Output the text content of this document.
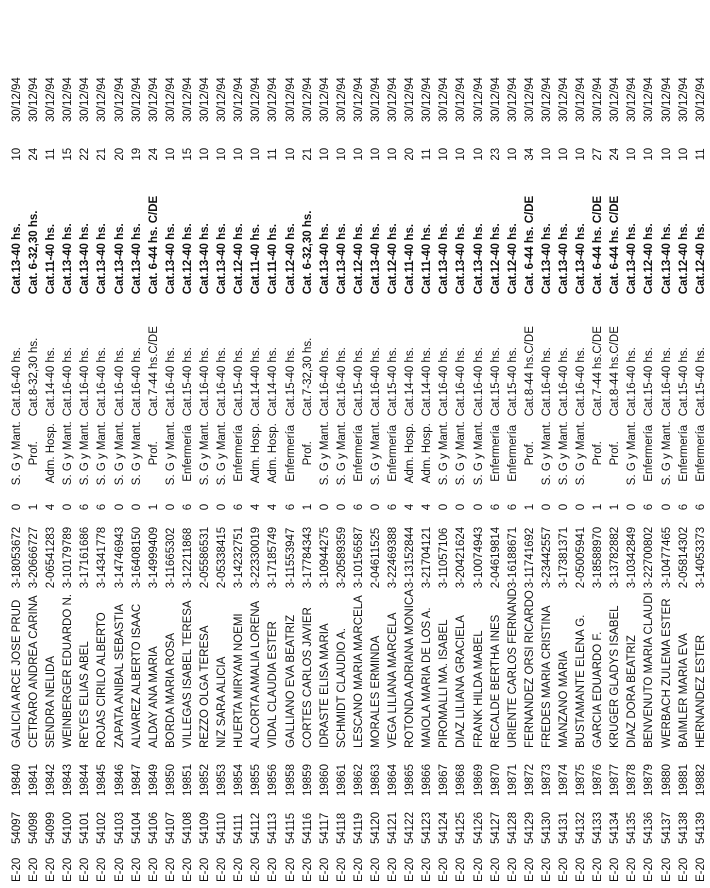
E-20	54097	19840	GALICIA ARCE JOSE PRUD	3-18053672	0	S. G y Mant.	Cat.16-40 hs.	Cat.13-40 hs.	10	30/12/94
E-20	54098	19841	CETRARO ANDREA CARINA	3-20666727	1	Prof.	Cat.8-32,30 hs.	Cat. 6-32,30 hs.	24	30/12/94
E-20	54099	19842	SENDRA NELIDA	2-06541283	4	Adm. Hosp.	Cat.14-40 hs.	Cat.11-40 hs.	11	30/12/94
E-20	54100	19843	WEINBERGER EDUARDO N.	3-10179789	0	S. G y Mant.	Cat.16-40 hs.	Cat.13-40 hs.	15	30/12/94
E-20	54101	19844	REYES ELIAS ABEL	3-17161686	6	S. G y Mant.	Cat.16-40 hs.	Cat.13-40 hs.	22	30/12/94
E-20	54102	19845	ROJAS CIRILO ALBERTO	3-14341778	6	S. G y Mant.	Cat.16-40 hs.	Cat.13-40 hs.	21	30/12/94
E-20	54103	19846	ZAPATA ANIBAL SEBASTIA	3-14746943	0	S. G y Mant.	Cat.16-40 hs.	Cat.13-40 hs.	20	30/12/94
E-20	54104	19847	ALVAREZ ALBERTO ISAAC	3-16408150	0	S. G y Mant.	Cat.16-40 hs.	Cat.13-40 hs.	19	30/12/94
E-20	54106	19849	ALDAY ANA MARIA	3-14999409	1	Prof.	Cat.7-44 hs.C/DE	Cat. 6-44 hs. C/DE	24	30/12/94
E-20	54107	19850	BORDA MARIA ROSA	3-11665302	0	S. G y Mant.	Cat.16-40 hs.	Cat.13-40 hs.	10	30/12/94
E-20	54108	19851	VILLEGAS ISABEL TERESA	3-12211868	6	Enfermería	Cat.15-40 hs.	Cat.12-40 hs.	15	30/12/94
E-20	54109	19852	REZZO OLGA TERESA	2-05586531	0	S. G y Mant.	Cat.16-40 hs.	Cat.13-40 hs.	10	30/12/94
E-20	54110	19853	NIZ SARA ALICIA	2-05338415	0	S. G y Mant.	Cat.16-40 hs.	Cat.13-40 hs.	10	30/12/94
E-20	54111	19854	HUERTA MIRYAM NOEMI	3-14232751	6	Enfermería	Cat.15-40 hs.	Cat.12-40 hs.	10	30/12/94
E-20	54112	19855	ALCORTA AMALIA LORENA	3-22330019	4	Adm. Hosp.	Cat.14-40 hs.	Cat.11-40 hs.	10	30/12/94
E-20	54113	19856	VIDAL CLAUDIA ESTER	3-17185749	4	Adm. Hosp.	Cat.14-40 hs.	Cat.11-40 hs.	11	30/12/94
E-20	54115	19858	GALLIANO EVA BEATRIZ	3-11553947	6	Enfermería	Cat.15-40 hs.	Cat.12-40 hs.	10	30/12/94
E-20	54116	19859	CORTES CARLOS JAVIER	3-17784343	1	Prof.	Cat.7-32,30 hs.	Cat. 6-32,30 hs.	21	30/12/94
E-20	54117	19860	IDRASTE ELISA MARIA	3-10944275	0	S. G y Mant.	Cat.16-40 hs.	Cat.13-40 hs.	10	30/12/94
E-20	54118	19861	SCHMIDT CLAUDIO A.	3-20589359	0	S. G y Mant.	Cat.16-40 hs.	Cat.13-40 hs.	10	30/12/94
E-20	54119	19862	LESCANO MARIA MARCELA	3-10156587	6	Enfermería	Cat.15-40 hs.	Cat.12-40 hs.	10	30/12/94
E-20	54120	19863	MORALES ERMINDA	2-04611525	0	S. G y Mant.	Cat.16-40 hs.	Cat.13-40 hs.	10	30/12/94
E-20	54121	19864	VEGA LILIANA MARCELA	3-22469388	6	Enfermería	Cat.15-40 hs.	Cat.12-40 hs.	10	30/12/94
E-20	54122	19865	ROTONDA ADRIANA MONICA	3-13152844	4	Adm. Hosp.	Cat.14-40 hs.	Cat.11-40 hs.	20	30/12/94
E-20	54123	19866	MAIOLA MARIA DE LOS A.	3-21704121	4	Adm. Hosp.	Cat.14-40 hs.	Cat.11-40 hs.	11	30/12/94
E-20	54124	19867	PIROMALLI MA. ISABEL	3-11057106	0	S. G y Mant.	Cat.16-40 hs.	Cat.13-40 hs.	10	30/12/94
E-20	54125	19868	DIAZ LILIANA GRACIELA	3-20421624	0	S. G y Mant.	Cat.16-40 hs.	Cat.13-40 hs.	10	30/12/94
E-20	54126	19869	FRANK HILDA MABEL	3-10074943	0	S. G y Mant.	Cat.16-40 hs.	Cat.13-40 hs.	10	30/12/94
E-20	54127	19870	RECALDE BERTHA INES	2-04619814	6	Enfermería	Cat.15-40 hs.	Cat.12-40 hs.	23	30/12/94
E-20	54128	19871	URIENTE CARLOS FERNAND	3-16188671	6	Enfermería	Cat.15-40 hs.	Cat.12-40 hs.	10	30/12/94
E-20	54129	19872	FERNANDEZ ORSI RICARDO	3-11741692	1	Prof.	Cat.8-44 hs.C/DE	Cat. 6-44 hs. C/DE	34	30/12/94
E-20	54130	19873	FREDES MARIA CRISTINA	3-23442557	0	S. G y Mant.	Cat.16-40 hs.	Cat.13-40 hs.	10	30/12/94
E-20	54131	19874	MANZANO MARIA	3-17381371	0	S. G y Mant.	Cat.16-40 hs.	Cat.13-40 hs.	10	30/12/94
E-20	54132	19875	BUSTAMANTE ELENA G.	2-05005941	0	S. G y Mant.	Cat.16-40 hs.	Cat.13-40 hs.	10	30/12/94
E-20	54133	19876	GARCIA EDUARDO F.	3-18588970	1	Prof.	Cat.7-44 hs.C/DE	Cat. 6-44 hs. C/DE	27	30/12/94
E-20	54134	19877	KRUGER GLADYS ISABEL	3-13782882	1	Prof.	Cat.8-44 hs.C/DE	Cat. 6-44 hs. C/DE	24	30/12/94
E-20	54135	19878	DIAZ DORA BEATRIZ	3-10342849	0	S. G y Mant.	Cat.16-40 hs.	Cat.13-40 hs.	10	30/12/94
E-20	54136	19879	BENVENUTO MARIA CLAUDI	3-22700802	6	Enfermería	Cat.15-40 hs.	Cat.12-40 hs.	10	30/12/94
E-20	54137	19880	WERBACH ZULEMA ESTER	3-10477465	0	S. G y Mant.	Cat.16-40 hs.	Cat.13-40 hs.	10	30/12/94
E-20	54138	19881	BAIMLER MARIA EVA	2-05814302	6	Enfermería	Cat.15-40 hs.	Cat.12-40 hs.	10	30/12/94
E-20	54139	19882	HERNANDEZ ESTER	3-14053373	6	Enfermería	Cat.15-40 hs.	Cat.12-40 hs.	11	30/12/94
